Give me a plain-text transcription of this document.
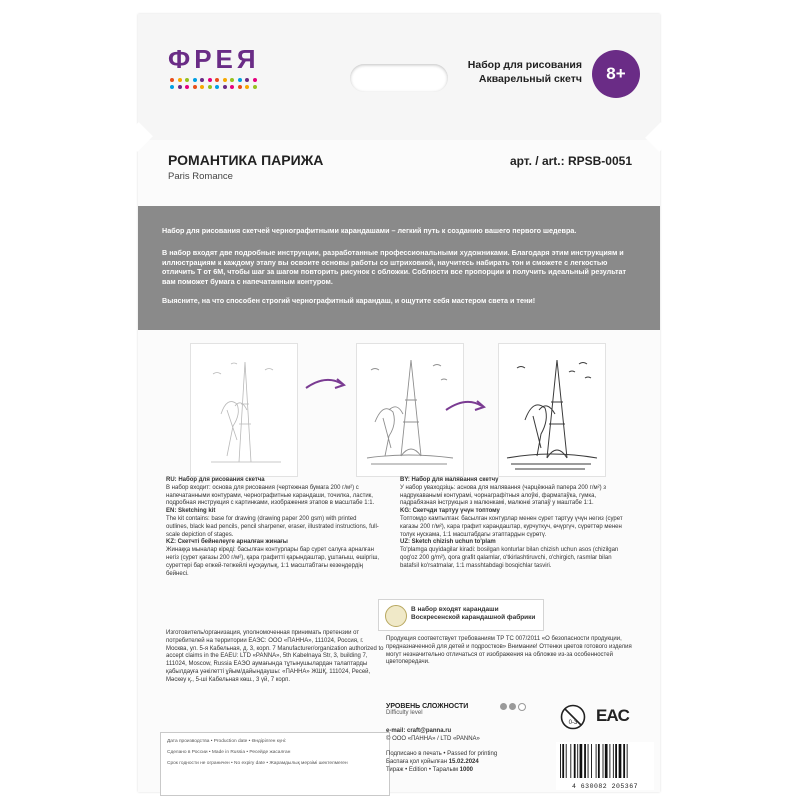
ФРЕЯ	Набор для рисования
Акварельный скетч	8+
РОМАНТИКА ПАРИЖА
Paris Romance
арт. / art.: RPSB-0051

Набор для рисования скетчей чернографитными карандашами – легкий путь к созданию вашего первого шедевра.

В набор входят две подробные инструкции, разработанные профессиональными художниками. Благодаря этим инструкциям и иллюстрациям к каждому этапу вы освоите основы работы со штриховкой, научитесь набирать тон и сможете с легкостью отличить Т от 6М, чтобы шаг за шагом повторить рисунок с обложки. Соблюсти все пропорции и получить идеальный результат вам поможет бумага с напечатанным контуром.

Выясните, на что способен строгий чернографитный карандаш, и ощутите себя мастером света и тени!

RU: Набор для рисования скетча
В набор входит: основа для рисования (чертежная бумага 200 г/м²) с напечатанными контурами, чернографитные карандаши, точилка, ластик, подробная инструкция с картинками, изображения этапов в масштабе 1:1.
EN: Sketching kit
The kit contains: base for drawing (drawing paper 200 gsm) with printed outlines, black lead pencils, pencil sharpener, eraser, illustrated instructions, full-scale depiction of stages.
KZ: Скетчті бейнелеуге арналған жинағы
Жинаққа мыналар кіреді: басылған контурлары бар сурет салуға арналған негіз (сурет қағазы 200 г/м²), қара графитті қарындаштар, ұштағыш, өшіргіш, суреттері бар егжей-тегжейлі нұсқаулық, 1:1 масштабтағы кезеңдердің бейнесі.
BY: Набор для малявання скетчу
У набор уваходзіць: аснова для малявання (чарцёжнай папера 200 г/м²) з надрукаванымі контурамі, чорнаграфітныя алоўкі, фарматаўка, гумка, падрабязная інструкцыя з малюнкамі, малюнкі этапаў у маштабе 1:1.
KG: Скетчди тартуу үчүн топтому
Топтомдо камтылган: басылган контурлар менен сурет тартуу үчүн негиз (сурет кагазы 200 г/м²), кара графит карандаштар, курчуткуч, өчүргүч, сүрөттөр менен толук нускама, 1:1 масштабдагы этаптардын сүрөтү.
UZ: Sketch chizish uchun to'plam
To'plamga quyidagilar kiradi: bosilgan konturlar bilan chizish uchun asos (chizilgan qog'oz 200 g/m²), qora grafit qalamlar, o'tkirlashtiruvchi, o'chirgich, rasmlar bilan batafsil ko'rsatmalar, 1:1 masshtabdagi bosqichlar tasviri.
Изготовитель/организация, уполномоченная принимать претензии от потребителей на территории ЕАЭС: ООО «ПАННА», 111024, Россия, г. Москва, ул. 5-я Кабельная, д. 3, корп. 7 Manufacturer/organization authorized to accept claims in the EAEU: LTD «PANNA», 5th Kabelnaya Str, 3, building 7, 111024, Moscow, Russia ЕАЭО аумағында тұтынушылардан талаптарды қабылдауға уәкілетті ұйым/дайындаушы: «ПАННА» ЖШҚ, 111024, Ресей, Мәскеу қ., 5-ші Кабельная көш., 3 үй, 7 корп.
Дата производства • Production date • Өндірілген күні:
Сделано в России • Made in Russia • Ресейде жасалған
Срок годности не ограничен • No expiry date • Жарамдылық мерзімі шектелмеген
В набор входят карандаши
Воскресенской карандашной фабрики
Продукция соответствует требованиям ТР ТС 007/2011 «О безопасности продукции, предназначенной для детей и подростков» Внимание! Оттенки цветов готового изделия могут незначительно отличаться от изображения на обложке из-за особенностей цветопередачи.
УРОВЕНЬ СЛОЖНОСТИ
Difficulty level
e-mail: craft@panna.ru
© ООО «ПАННА» / LTD «PANNA»
Подписано в печать • Passed for printing
Баспаға қол қойылған 15.02.2024
Тираж • Edition • Таралым 1000
0-3 EAC
4 630082 205367
